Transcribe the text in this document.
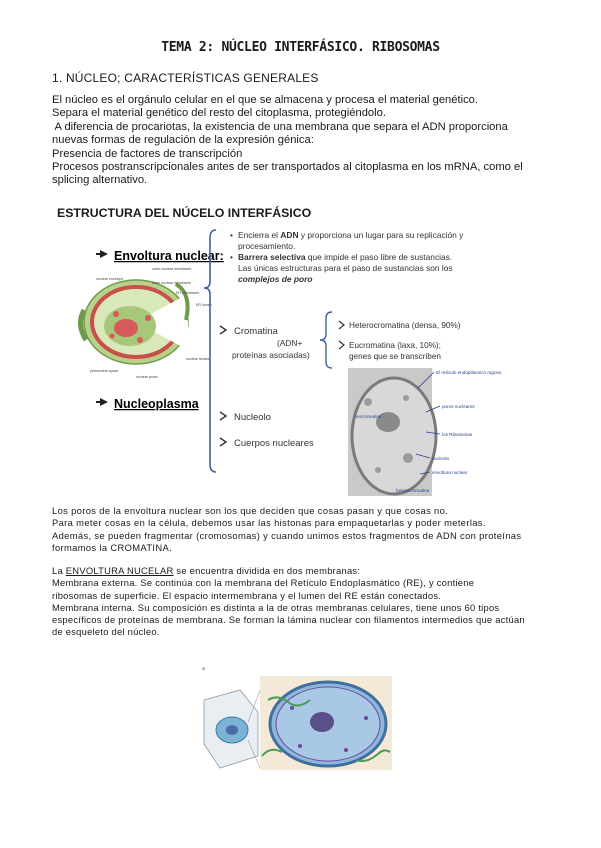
TEMA 2: NÚCLEO INTERFÁSICO. RIBOSOMAS
1. NÚCLEO; CARACTERÍSTICAS GENERALES
El núcleo es el orgánulo celular en el que se almacena y procesa el material genético.
Separa el material genético del resto del citoplasma, protegiéndolo.
A diferencia de procariotas, la existencia de una membrana que separa el ADN proporciona
nuevas formas de regulación de la expresión génica:
Presencia de factores de transcripción
Procesos postranscripcionales antes de ser transportados al citoplasma en los mRNA, como el
splicing alternativo.
ESTRUCTURA DEL NÚCELO INTERFÁSICO
Envoltura nuclear:
Nucleoplasma
outer nuclear membrane
inner nuclear membrane
ER membrane
ER lumen
nuclear envelope
perinuclear space
nuclear pores
nuclear lamina
• Encierra el ADN y proporciona un lugar para su replicación y
procesamiento.
• Barrera selectiva que impide el paso libre de sustancias.
Las únicas estructuras para el paso de sustancias son los
complejos de poro
Cromatina
(ADN+
proteínas asociadas)
Heterocromatina (densa, 90%)
Eucromatina (laxa, 10%);
genes que se transcriben
Nucleolo
Cuerpos nucleares
El retículo endoplásmico rugoso
poros nucleares
eucromatina
los Ribosomas
nucleolo
envoltura nuclear
heterocromatina
Los poros de la envoltura nuclear son los que deciden que cosas pasan y que cosas no.
Para meter cosas en la célula, debemos usar las histonas para empaquetarlas y poder meterlas.
Además, se pueden fragmentar (cromosomas) y cuando unimos estos fragmentos de ADN con proteínas
formamos la CROMATINA.
La ENVOLTURA NUCELAR se encuentra dividida en dos membranas:
Membrana externa. Se continúa con la membrana del Retículo Endoplasmático (RE), y contiene
ribosomas de superficie. El espacio intermembrana y el lumen del RE están conectados.
Membrana interna. Su composición es distinta a la de otras membranas celulares, tiene unos 60 tipos
específicos de proteínas de membrana. Se forman la lámina nuclear con filamentos intermedios que actúan
de esqueleto del núcleo.
a
